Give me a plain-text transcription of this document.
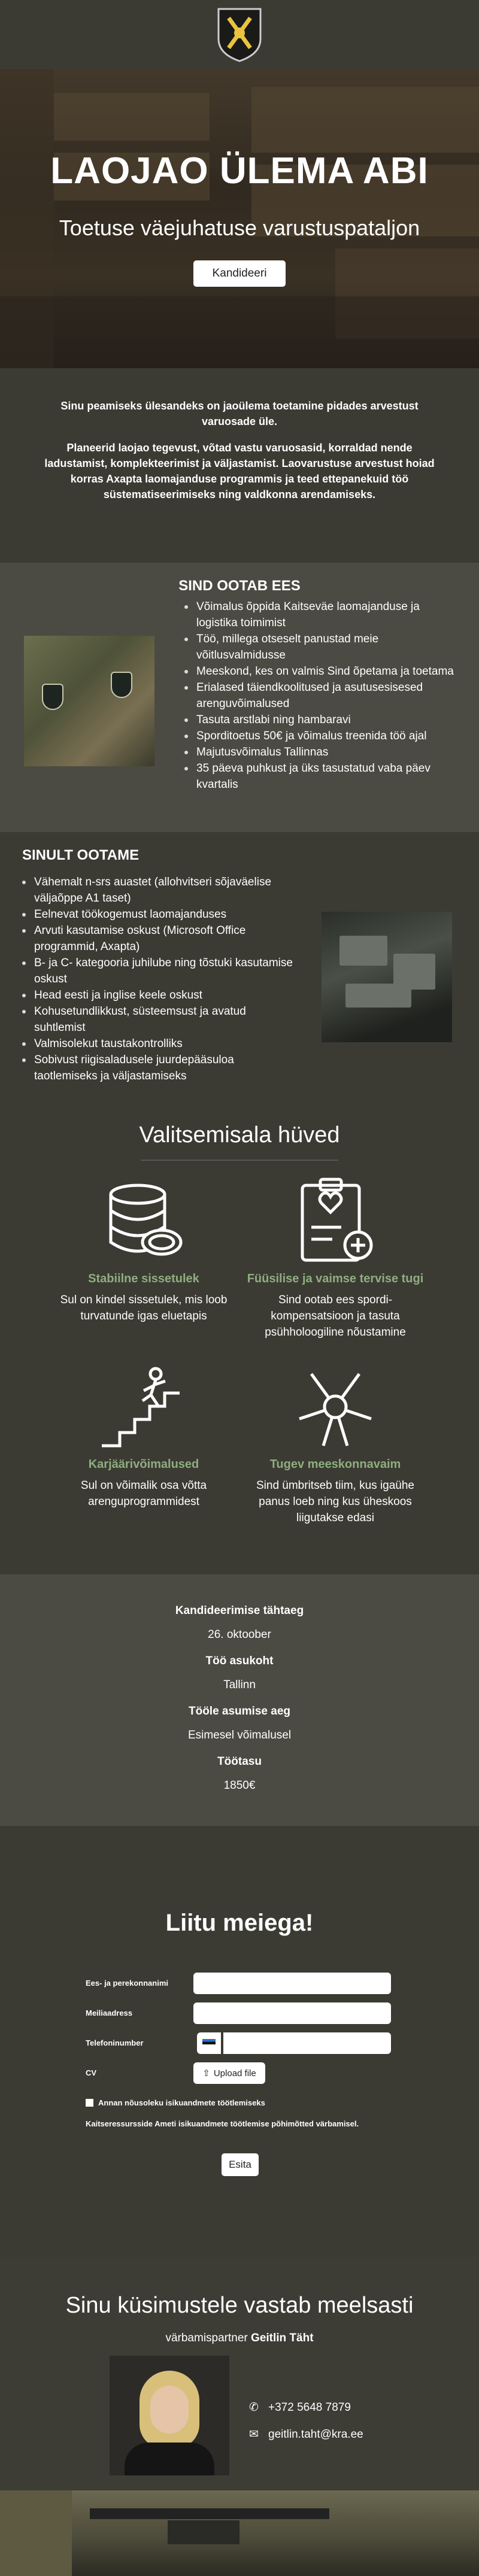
LAOJAO ÜLEMA ABI
Toetuse väejuhatuse varustuspataljon
Kandideeri

Sinu peamiseks ülesandeks on jaoülema toetamine pidades arvestust varuosade üle.

Planeerid laojao tegevust, võtad vastu varuosasid, korraldad nende ladustamist, komplekteerimist ja väljastamist. Laovarustuse arvestust hoiad korras Axapta laomajanduse programmis ja teed ettepanekuid töö süstematiseerimiseks ning valdkonna arendamiseks.

SIND OOTAB EES
Võimalus õppida Kaitseväe laomajanduse ja logistika toimimist
Töö, millega otseselt panustad meie võitlusvalmidusse
Meeskond, kes on valmis Sind õpetama ja toetama
Erialased täiendkoolitused ja asutusesisesed arenguvõimalused
Tasuta arstlabi ning hambaravi
Sporditoetus 50€ ja võimalus treenida töö ajal
Majutusvõimalus Tallinnas
35 päeva puhkust ja üks tasustatud vaba päev kvartalis
SINULT OOTAME
Vähemalt n-srs auastet (allohvitseri sõjaväelise väljaõppe A1 taset)
Eelnevat töökogemust laomajanduses
Arvuti kasutamise oskust (Microsoft Office programmid, Axapta)
B- ja C- kategooria juhilube ning tõstuki kasutamise oskust
Head eesti ja inglise keele oskust
Kohusetundlikkust, süsteemsust ja avatud suhtlemist
Valmisolekut taustakontrolliks
Sobivust riigisaladusele juurdepääsuloa taotlemiseks ja väljastamiseks
Valitsemisala hüved
Stabiilne sissetulek
Sul on kindel sissetulek, mis loob turvatunde igas eluetapis
Füüsilise ja vaimse tervise tugi
Sind ootab ees spordi-kompensatsioon ja tasuta psühholoogiline nõustamine
Karjäärivõimalused
Sul on võimalik osa võtta arenguprogrammidest
Tugev meeskonnavaim
Sind ümbritseb tiim, kus igaühe panus loeb ning kus üheskoos liigutakse edasi
Kandideerimise tähtaeg
26. oktoober
Töö asukoht
Tallinn
Tööle asumise aeg
Esimesel võimalusel
Töötasu
1850€
Liitu meiega!
Ees- ja perekonnanimi
Meiliaadress
Telefoninumber
CV	⇧ Upload file
Annan nõusoleku isikuandmete töötlemiseks
Kaitseressursside Ameti isikuandmete töötlemise põhimõtted värbamisel.
Esita
Sinu küsimustele vastab meelsasti
värbamispartner Geitlin Täht
✆ +372 5648 7879
✉ geitlin.taht@kra.ee
